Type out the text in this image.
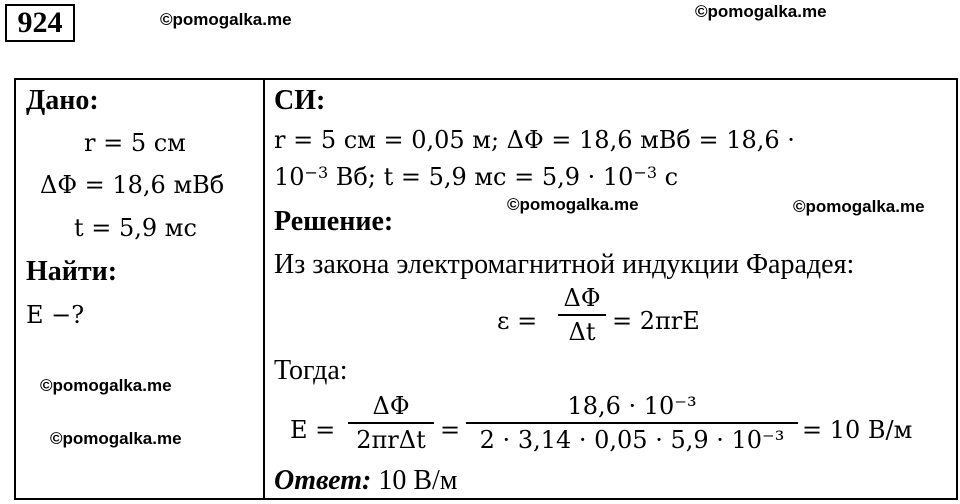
924	©pomogalka.me	©pomogalka.me
©pomogalka.me	©pomogalka.me
©pomogalka.me
©pomogalka.me
Дано:
r = 5 см
ΔΦ = 18,6 мВб
t = 5,9 мс
Найти:
E −?
СИ:
r = 5 см = 0,05 м; ΔΦ = 18,6 мВб = 18,6 ·
$10^{-3}$ Вб; t = 5,9 мс = $5,9 \cdot 10^{-3}$ с
Решение:
Из закона электромагнитной индукции Фарадея:
ε =
ΔΦ
Δt = 2πrE
Тогда:
E =
ΔΦ
2πrΔt =
18,6 · 10⁻³
2 · 3,14 · 0,05 · 5,9 · 10⁻³ = 10 В/м
Ответ: 10 В/м
